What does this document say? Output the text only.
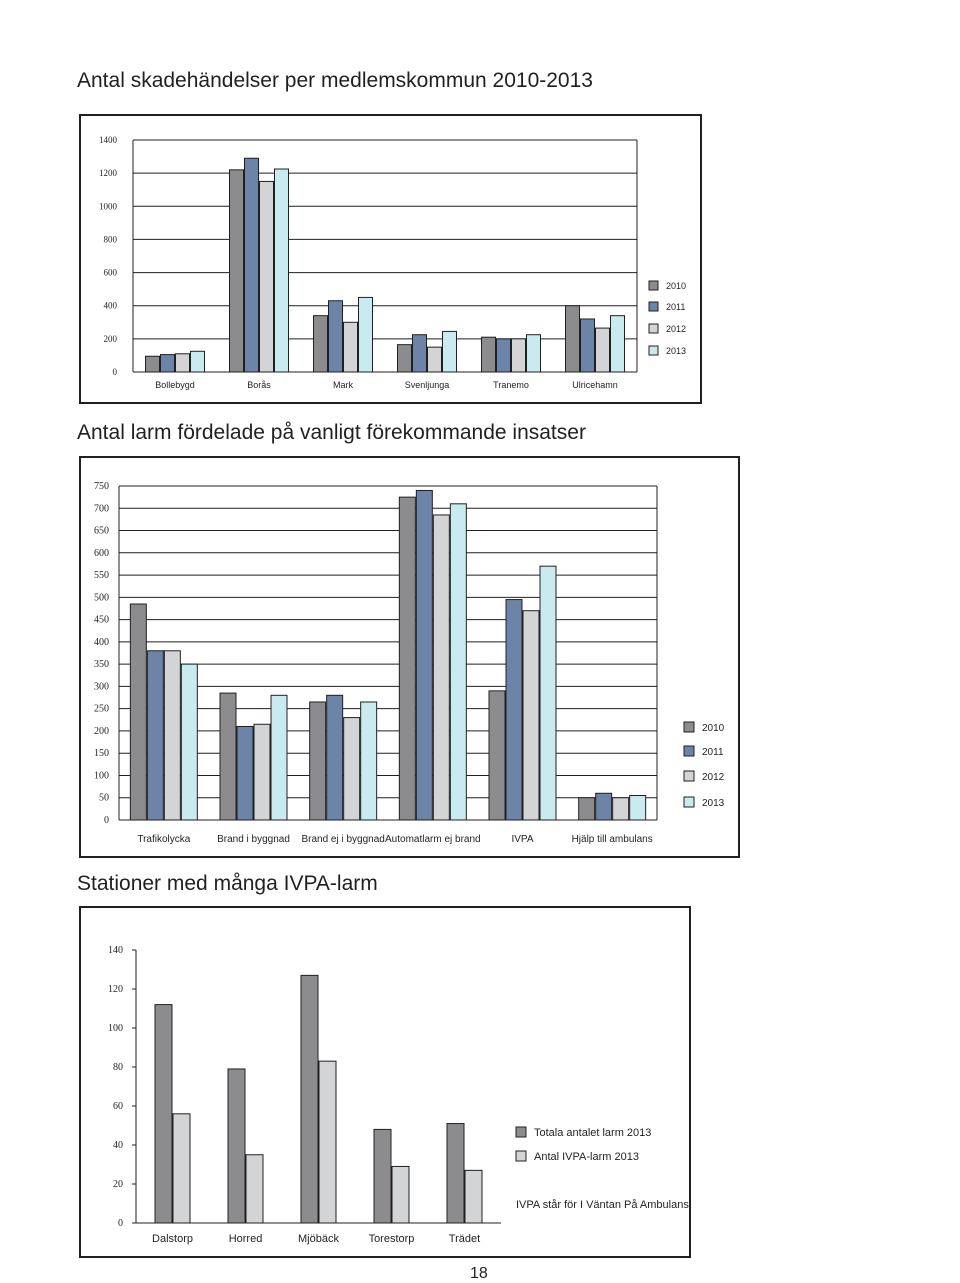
Antal skadehändelser per medlemskommun 2010-2013
0
200
400
600
800
1000
1200
1400
Bollebygd	Borås	Mark	Svenljunga	Tranemo	Ulricehamn
2010
2011
2012
2013
Antal larm fördelade på vanligt förekommande insatser
0
50
100
150
200
250
300
350
400
450
500
550
600
650
700
750
Trafikolycka	Brand i byggnad Brand ej i byggnad Automatlarm ej brand	IVPA	Hjälp till ambulans
2010
2011
2012
2013
Stationer med många IVPA-larm
0
20
40
60
80
100
120
140
Dalstorp	Horred	Mjöbäck	Torestorp	Trädet
Totala antalet larm 2013
Antal IVPA-larm 2013
IVPA står för I Väntan På Ambulans
18
